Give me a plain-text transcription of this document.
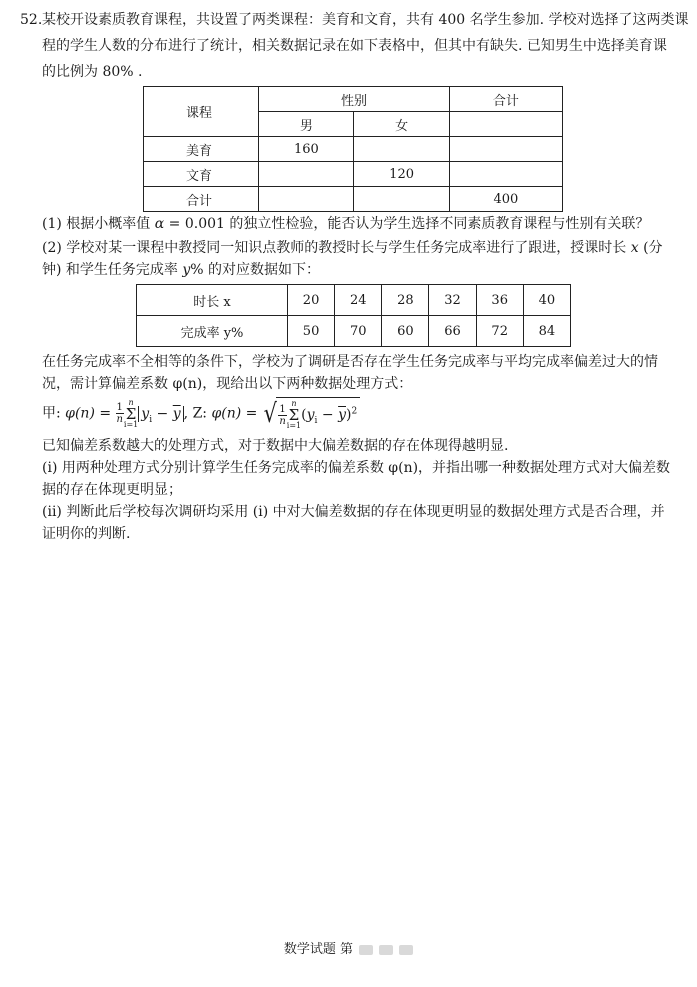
52. 某校开设素质教育课程，共设置了两类课程：美育和文育，共有 400 名学生参加. 学校对选择了这两类课
程的学生人数的分布进行了统计，相关数据记录在如下表格中，但其中有缺失. 已知男生中选择美育课
的比例为 80% .
课程	性别		合计
	男	女	
美育	160		
文育		120	
合计			400
(1) 根据小概率值 α = 0.001 的独立性检验，能否认为学生选择不同素质教育课程与性别有关联？
(2) 学校对某一课程中教授同一知识点教师的教授时长与学生任务完成率进行了跟进，授课时长 x (分
钟) 和学生任务完成率 y% 的对应数据如下：
时长 x	20	24	28	32	36	40
完成率 y%	50	70	60	66	72	84
在任务完成率不全相等的条件下，学校为了调研是否存在学生任务完成率与平均完成率偏差过大的情
况，需计算偏差系数 φ(n)，现给出以下两种数据处理方式：
甲: $\varphi(n) = \frac{1}{n}$ n
Σ
i=1
$y_i - \overline{y}$ , Z: φ(n) = √ $\frac{1}{n}$ n
Σ
i=1
$(y_i - \overline{y})^2$
已知偏差系数越大的处理方式，对于数据中大偏差数据的存在体现得越明显.
(i) 用两种处理方式分别计算学生任务完成率的偏差系数 φ(n)，并指出哪一种数据处理方式对大偏差数
据的存在体现更明显；
(ii) 判断此后学校每次调研均采用 (i) 中对大偏差数据的存在体现更明显的数据处理方式是否合理，并
证明你的判断.
数学试题 第
